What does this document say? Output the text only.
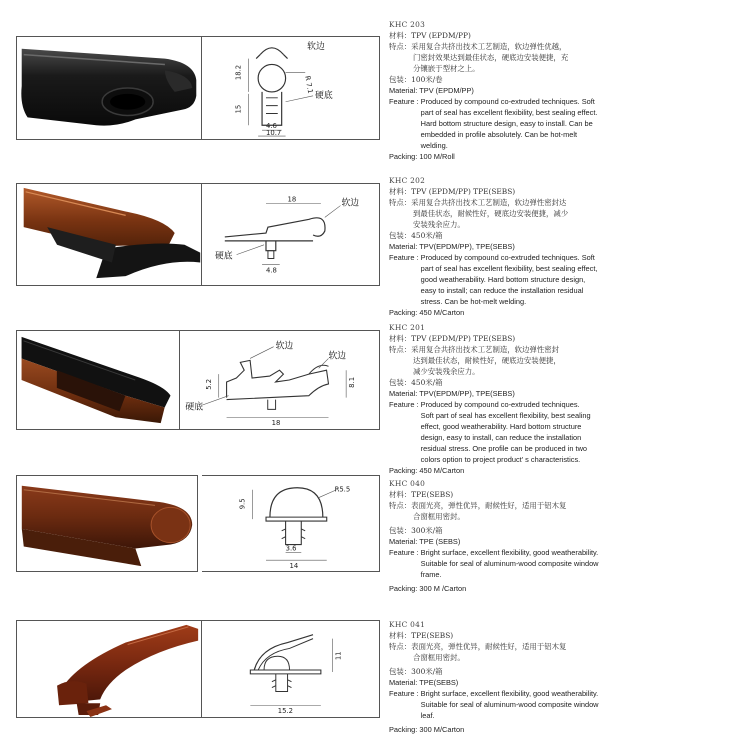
软边
硬底
18.2
15
R 7.1
4.6
10.7
KHC 203
材料：TPV (EPDM/PP)
特点：采用复合共挤出技术工艺制造，软边弹性优越，
门密封效果达到最佳状态，硬底边安装便捷，充
分镶嵌于型材之上。
包装：100米/卷
Material: TPV (EPDM/PP)
Feature : Produced by compound co-extruded techniques. Soft
part of seal has excellent flexibility, best sealing effect.
Hard bottom structure design, easy to install. Can be
embedded in profile absolutely. Can be hot-melt
welding.
Packing: 100 M/Roll
软边
硬底
18
4.8
KHC 202
材料：TPV (EPDM/PP) TPE(SEBS)
特点：采用复合共挤出技术工艺制造，软边弹性密封达
到最佳状态，耐候性好，硬底边安装便捷，减少
安装残余应力。
包装：450米/箱
Material: TPV(EPDM/PP), TPE(SEBS)
Feature : Produced by compound co-extruded techniques. Soft
part of seal has excellent flexibility, best sealing effect,
good weatherability. Hard bottom structure design,
easy to install; can reduce the installation residual
stress. Can be hot-melt welding.
Packing: 450 M/Carton
软边
软边
硬底
5.2	8.1
18
KHC 201
材料：TPV (EPDM/PP) TPE(SEBS)
特点：采用复合共挤出技术工艺制造，软边弹性密封
达到最佳状态，耐候性好，硬底边安装便捷，
减少安装残余应力。
包装：450米/箱
Material: TPV(EPDM/PP), TPE(SEBS)
Feature : Produced by compound co-extruded techniques.
Soft part of seal has excellent flexibility, best sealing
effect, good weatherability. Hard bottom structure
design, easy to install, can reduce the installation
residual stress. One profile can be produced in two
colors option to project product' s characteristics.
Packing: 450 M/Carton
9.5
R5.5
3.6
14
KHC 040
材料：TPE(SEBS)
特点：表面光亮，弹性优异，耐候性好，适用于铝木复
合窗框用密封。
包装：300米/箱
Material: TPE (SEBS)
Feature : Bright surface, excellent flexibility, good weatherability.
Suitable for seal of aluminum-wood composite window
frame.
Packing: 300 M /Carton
11
15.2
KHC 041
材料：TPE(SEBS)
特点：表面光亮，弹性优异，耐候性好，适用于铝木复
合窗框用密封。
包装：300米/箱
Material: TPE(SEBS)
Feature : Bright surface, excellent flexibility, good weatherability.
Suitable for seal of aluminum-wood composite window
leaf.
Packing: 300 M/Carton
